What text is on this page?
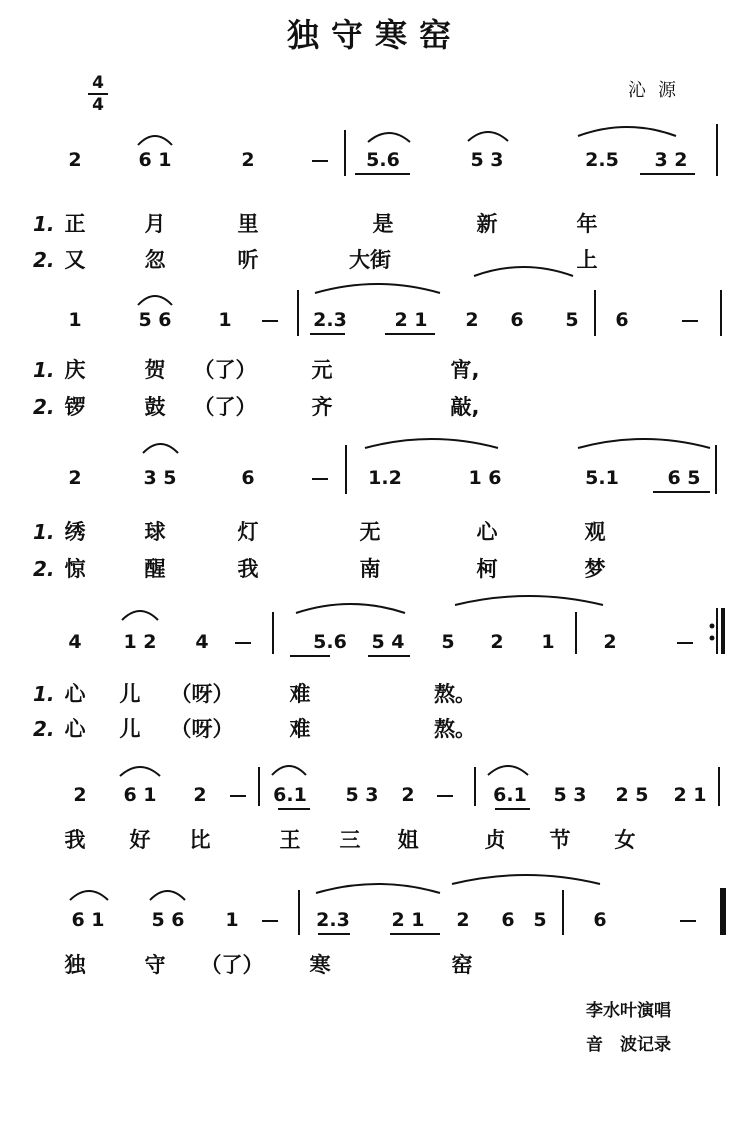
独守寒窑
4
4
沁源
2	6 1	2	5.6	5 3	2.5 3 2
1. 正	月	里	是	新	年
2. 又	忽	听	大街	上
1	5 6 1	2.3	2 1 2 6 5 6
1. 庆	贺 （了）	元	宵,
2. 锣	鼓 （了）	齐	敲,
2	3 5	6	1.2	1 6	5.1	6 5
1. 绣	球	灯	无	心	观
2. 惊	醒	我	南	柯	梦
4 1 2 4	5.6 5 4 5 2 1	2
1. 心 儿 （呀）	难	熬。
2. 心 儿 （呀）	难	熬。
2 6 1 2	6.1 5 3 2	6.1 5 3 2 5 2 1
我 好 比	王 三 姐	贞 节 女
6 1 5 6 1	2.3 2 1 2 6 5 6
独	守 （了） 寒	窑
李水叶演唱
音　波记录
